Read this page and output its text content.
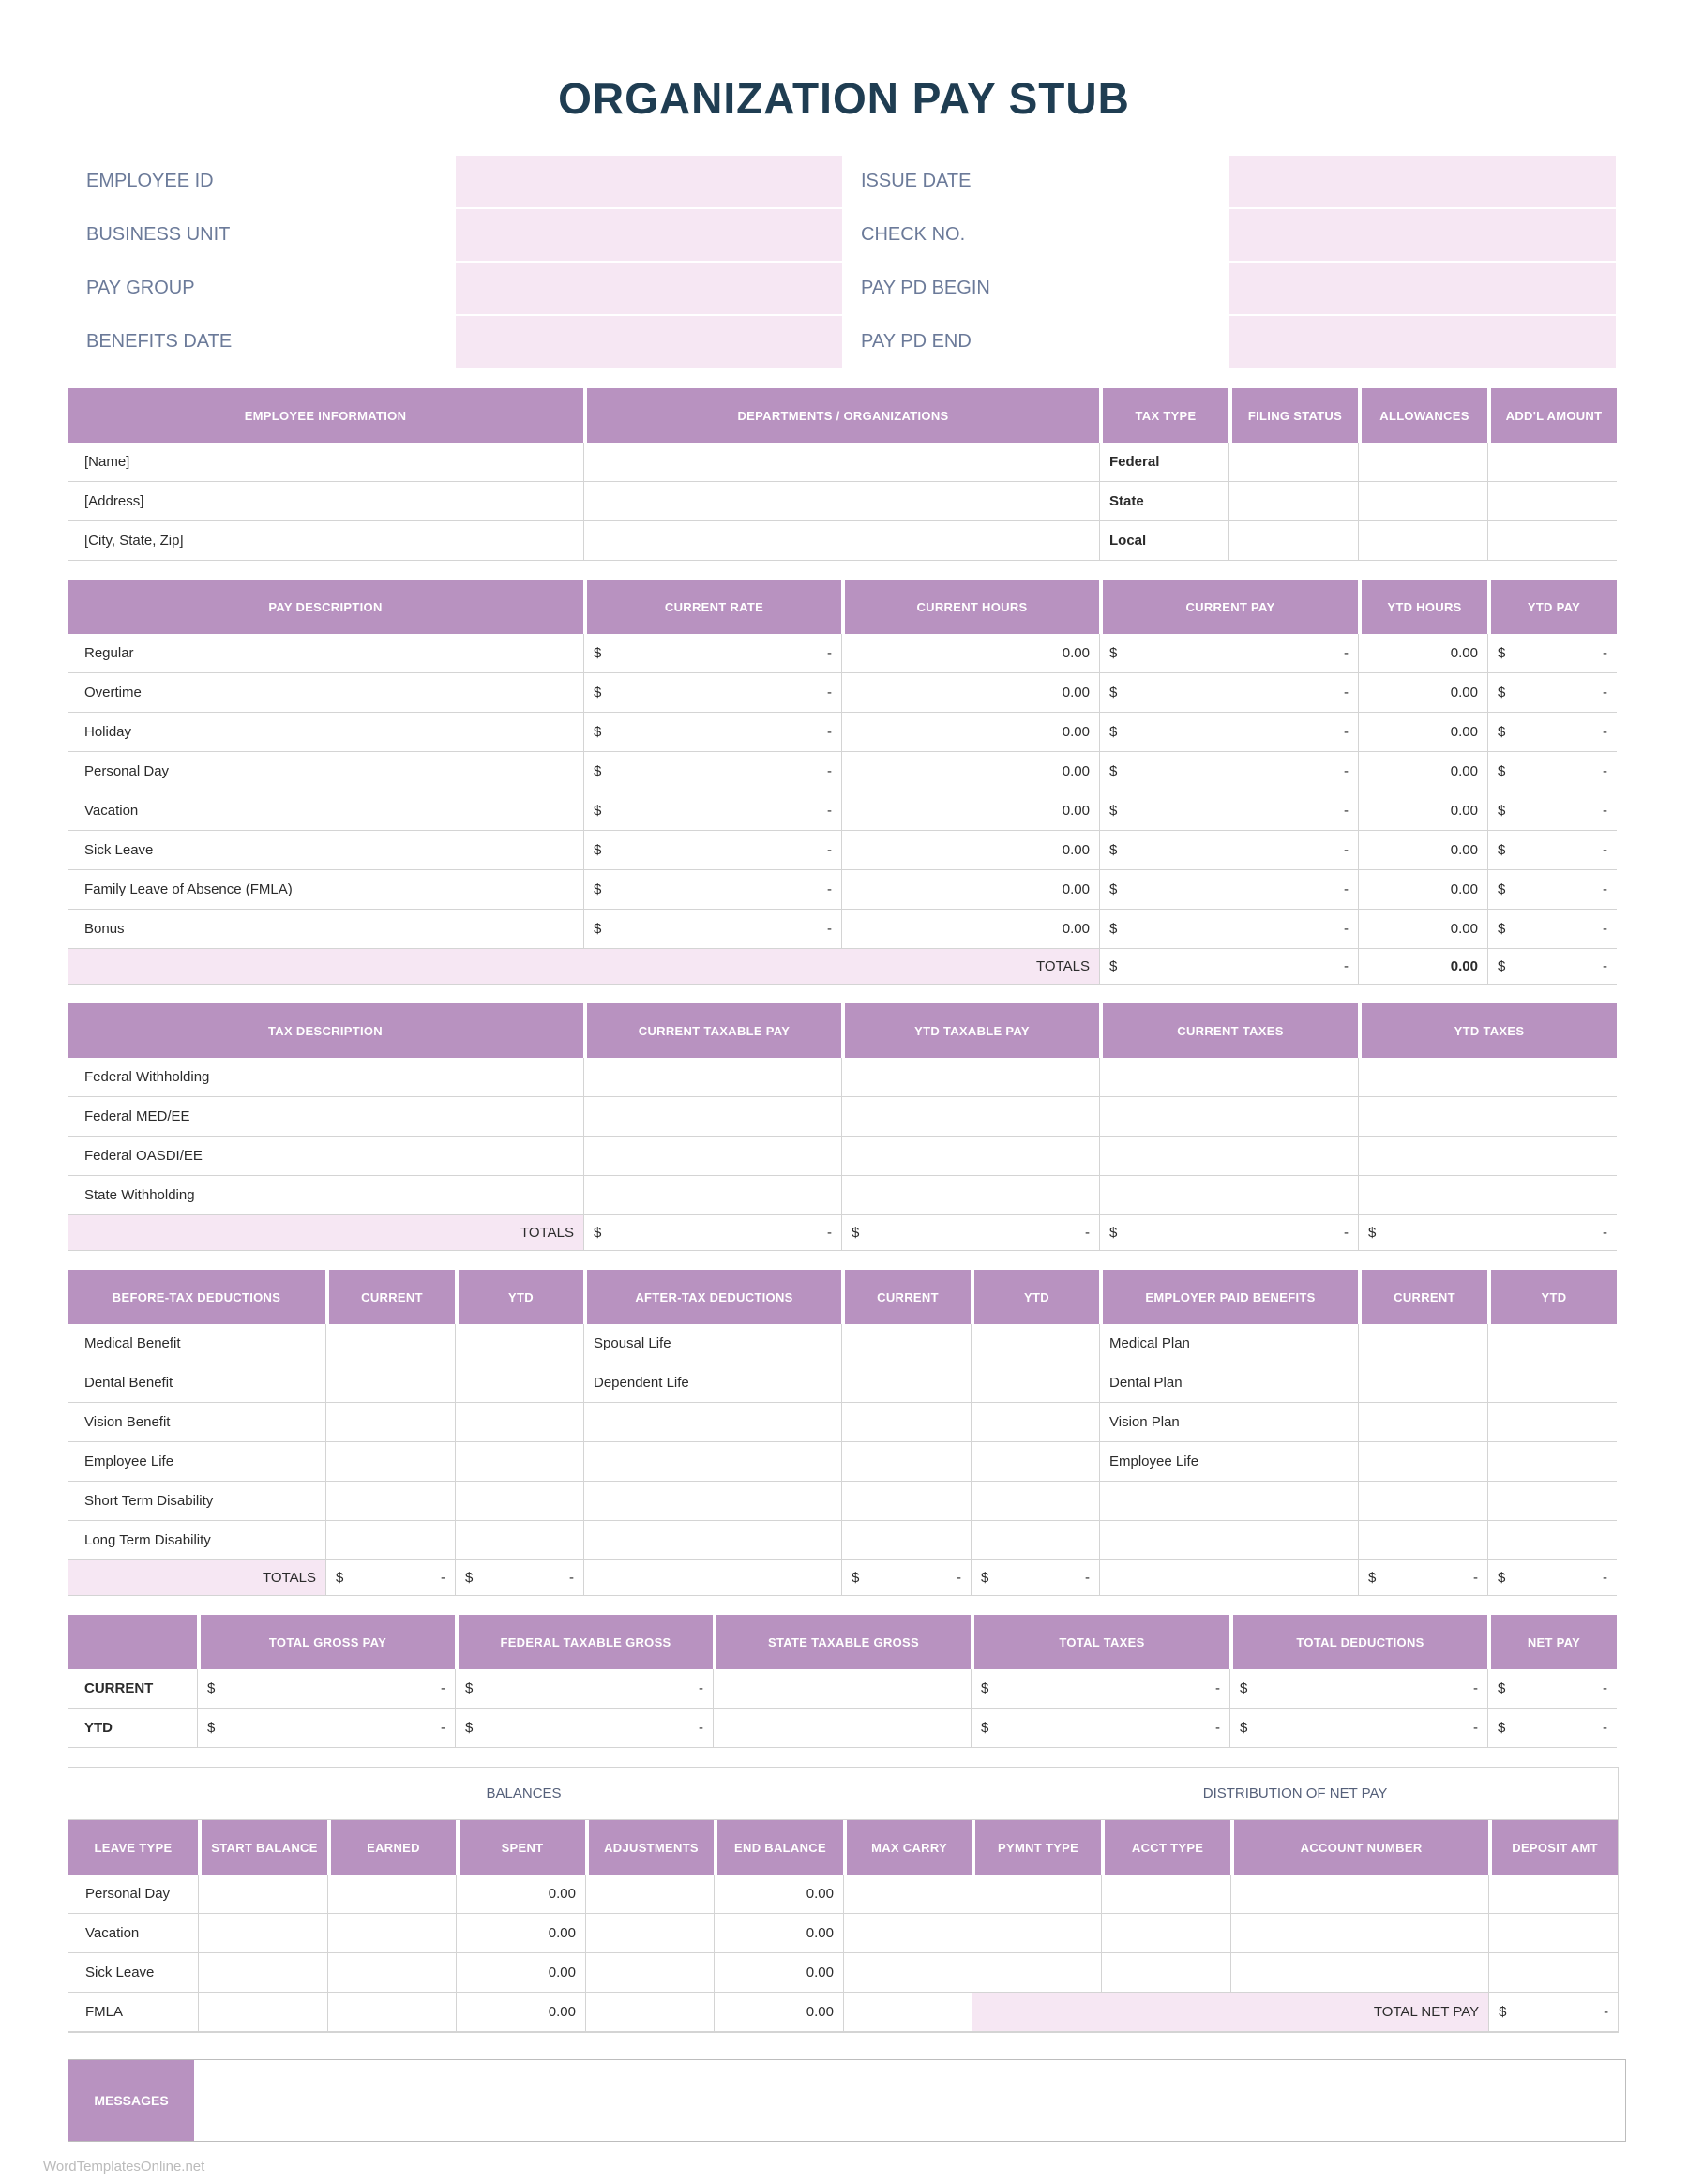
ORGANIZATION PAY STUB
EMPLOYEE ID
BUSINESS UNIT
PAY GROUP
BENEFITS DATE
ISSUE DATE
CHECK NO.
PAY PD BEGIN
PAY PD END
EMPLOYEE INFORMATION	DEPARTMENTS / ORGANIZATIONS	TAX TYPE	FILING STATUS	ALLOWANCES	ADD'L AMOUNT
[Name]		Federal			
[Address]		State			
[City, State, Zip]		Local			
PAY DESCRIPTION	CURRENT RATE	CURRENT HOURS	CURRENT PAY	YTD HOURS	YTD PAY
Regular	$ -	0.00	$ -	0.00	$ -

Overtime	$ -	0.00	$ -	0.00	$ -

Holiday	$ -	0.00	$ -	0.00	$ -

Personal Day	$ -	0.00	$ -	0.00	$ -

Vacation	$ -	0.00	$ -	0.00	$ -

Sick Leave	$ -	0.00	$ -	0.00	$ -

Family Leave of Absence (FMLA)	$ -	0.00	$ -	0.00	$ -

Bonus	$ -	0.00	$ -	0.00	$ -

TOTALS			$ -	0.00	$ -
TAX DESCRIPTION	CURRENT TAXABLE PAY	YTD TAXABLE PAY	CURRENT TAXES	YTD TAXES
Federal Withholding				
Federal MED/EE				
Federal OASDI/EE				
State Withholding				
TOTALS	$ -	$ -	$ -	$ -
BEFORE-TAX DEDUCTIONS	CURRENT	YTD	AFTER-TAX DEDUCTIONS	CURRENT	YTD	EMPLOYER PAID BENEFITS	CURRENT	YTD
Medical Benefit			Spousal Life			Medical Plan		
Dental Benefit			Dependent Life			Dental Plan		
Vision Benefit						Vision Plan		
Employee Life						Employee Life		
Short Term Disability								
Long Term Disability								
TOTALS	$ -	$ -		$ -	$ -		$ -	$ -
	TOTAL GROSS PAY	FEDERAL TAXABLE GROSS	STATE TAXABLE GROSS	TOTAL TAXES	TOTAL DEDUCTIONS	NET PAY
CURRENT	$ -	$ -		$ -	$ -	$ -

YTD	$ -	$ -		$ -	$ -	$ -
BALANCES							DISTRIBUTION OF NET PAY			
LEAVE TYPE	START BALANCE	EARNED	SPENT	ADJUSTMENTS	END BALANCE	MAX CARRY	PYMNT TYPE	ACCT TYPE	ACCOUNT NUMBER	DEPOSIT AMT
Personal Day			0.00		0.00					
Vacation			0.00		0.00					
Sick Leave			0.00		0.00					
FMLA			0.00		0.00		TOTAL NET PAY			$ -
MESSAGES
WordTemplatesOnline.net
